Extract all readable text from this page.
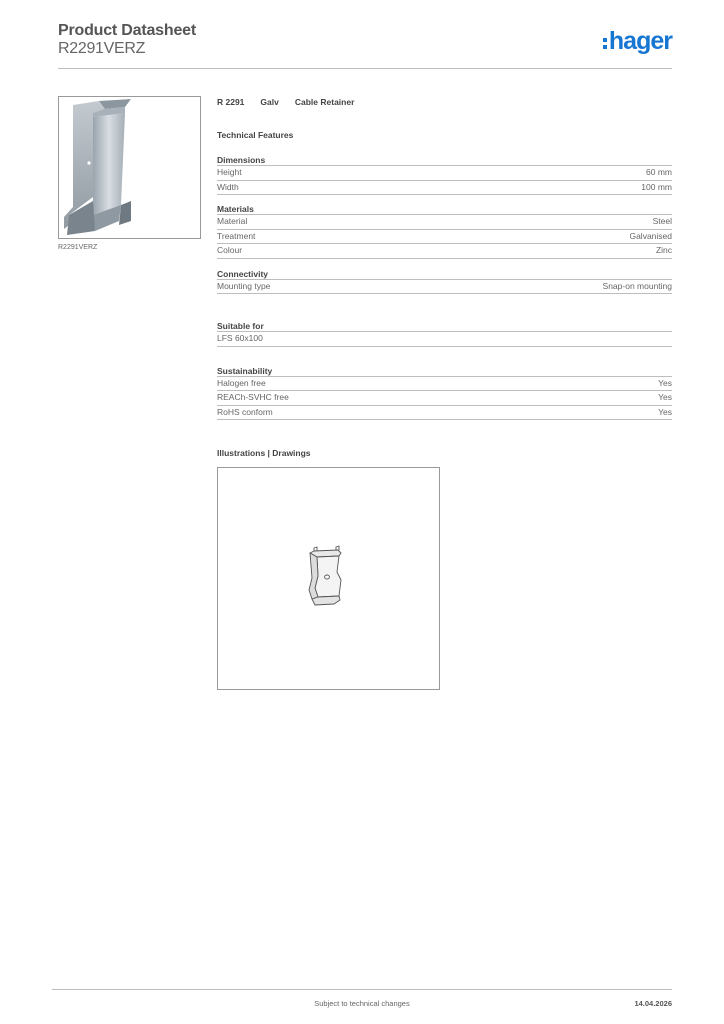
Product Datasheet
R2291VERZ	hager
R2291VERZ
R 2291 Galv Cable Retainer
Technical Features
Dimensions
Height	60 mm
Width	100 mm
Materials
Material	Steel
Treatment	Galvanised
Colour	Zinc
Connectivity
Mounting type	Snap-on mounting
Suitable for
LFS 60x100
Sustainability
Halogen free	Yes
REACh-SVHC free	Yes
RoHS conform	Yes
Illustrations | Drawings
Subject to technical changes	14.04.2026
